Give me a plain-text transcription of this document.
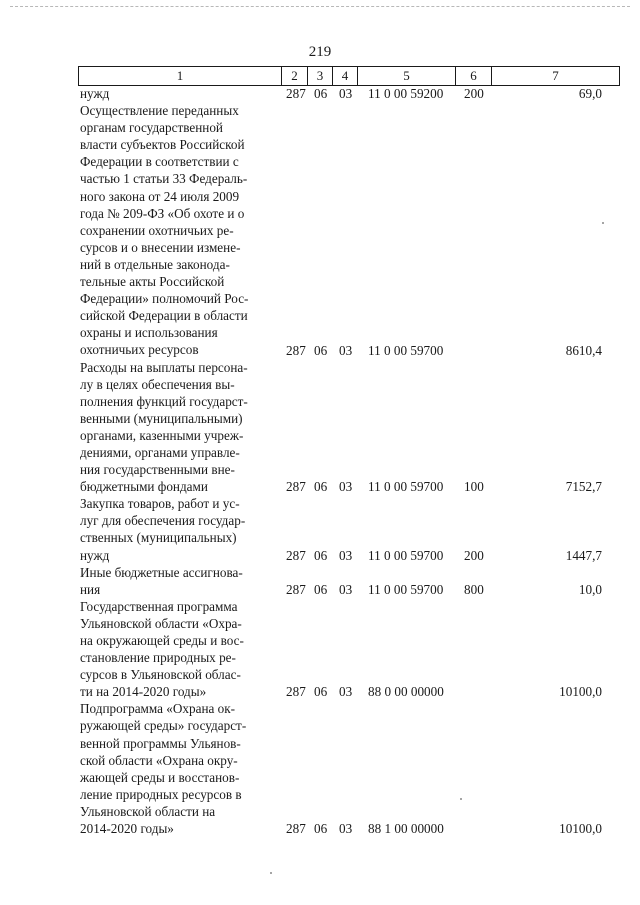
219
1	2	3	4	5	6	7
нужд	287 06 03 11 0 00 59200 200	69,0
Осуществление переданных
органам государственной
власти субъектов Российской
Федерации в соответствии с
частью 1 статьи 33 Федераль-
ного закона от 24 июля 2009
года № 209-ФЗ «Об охоте и о
сохранении охотничьих ре-
сурсов и о внесении измене-
ний в отдельные законода-
тельные акты Российской
Федерации» полномочий Рос-
сийской Федерации в области
охраны и использования
охотничьих ресурсов	287 06 03 11 0 00 59700	8610,4
Расходы на выплаты персона-
лу в целях обеспечения вы-
полнения функций государст-
венными (муниципальными)
органами, казенными учреж-
дениями, органами управле-
ния государственными вне-
бюджетными фондами	287 06 03 11 0 00 59700 100	7152,7
Закупка товаров, работ и ус-
луг для обеспечения государ-
ственных (муниципальных)
нужд	287 06 03 11 0 00 59700 200	1447,7
Иные бюджетные ассигнова-
ния	287 06 03 11 0 00 59700 800	10,0
Государственная программа
Ульяновской области «Охра-
на окружающей среды и вос-
становление природных ре-
сурсов в Ульяновской облас-
ти на 2014-2020 годы»	287 06 03 88 0 00 00000	10100,0
Подпрограмма «Охрана ок-
ружающей среды» государст-
венной программы Ульянов-
ской области «Охрана окру-
жающей среды и восстанов-
ление природных ресурсов в
Ульяновской области на
2014-2020 годы»	287 06 03 88 1 00 00000	10100,0
